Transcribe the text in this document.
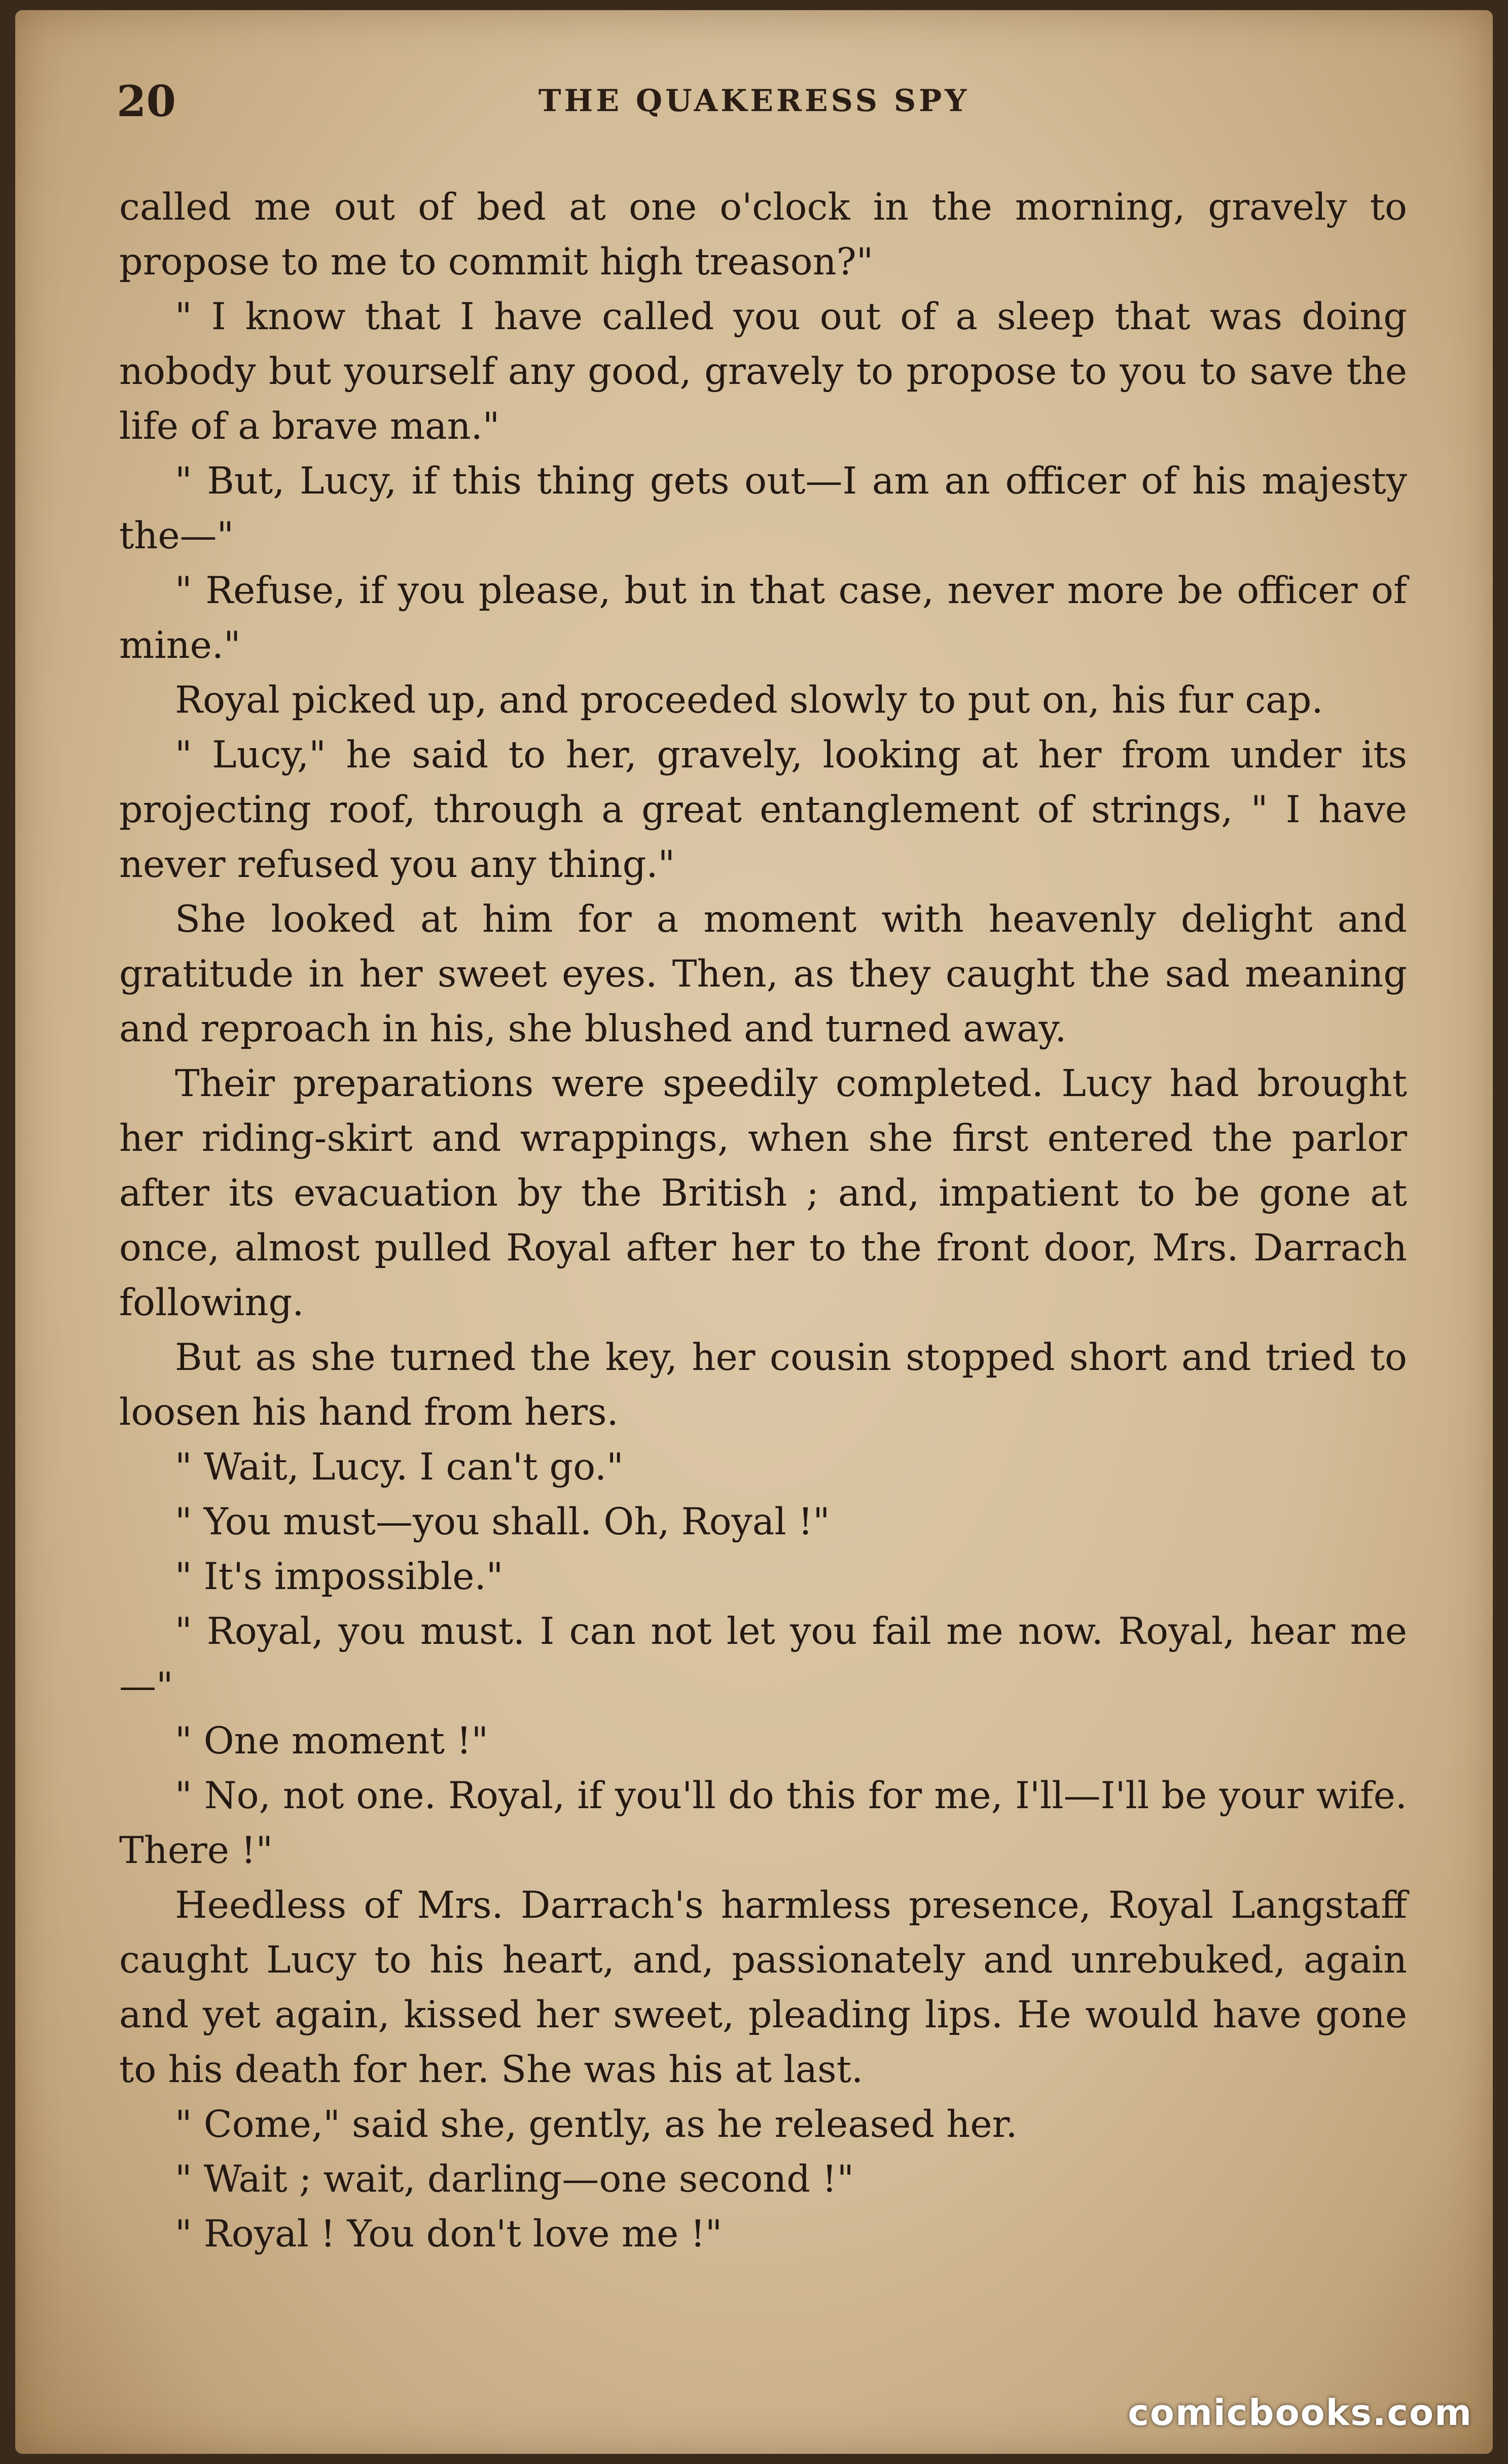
20	THE QUAKERESS SPY

called me out of bed at one o'clock in the morning, gravely to propose to me to commit high treason?"

" I know that I have called you out of a sleep that was doing nobody but yourself any good, gravely to propose to you to save the life of a brave man."

" But, Lucy, if this thing gets out—I am an officer of his majesty the—"

" Refuse, if you please, but in that case, never more be officer of mine."

Royal picked up, and proceeded slowly to put on, his fur cap.

" Lucy," he said to her, gravely, looking at her from under its projecting roof, through a great entanglement of strings, " I have never refused you any thing."

She looked at him for a moment with heavenly delight and gratitude in her sweet eyes. Then, as they caught the sad meaning and reproach in his, she blushed and turned away.

Their preparations were speedily completed. Lucy had brought her riding-skirt and wrappings, when she first entered the parlor after its evacuation by the British ; and, impatient to be gone at once, almost pulled Royal after her to the front door, Mrs. Darrach following.

But as she turned the key, her cousin stopped short and tried to loosen his hand from hers.

" Wait, Lucy. I can't go."

" You must—you shall. Oh, Royal !"

" It's impossible."

" Royal, you must. I can not let you fail me now. Royal, hear me—"

" One moment !"

" No, not one. Royal, if you'll do this for me, I'll—I'll be your wife. There !"

Heedless of Mrs. Darrach's harmless presence, Royal Langstaff caught Lucy to his heart, and, passionately and unrebuked, again and yet again, kissed her sweet, pleading lips. He would have gone to his death for her. She was his at last.

" Come," said she, gently, as he released her.

" Wait ; wait, darling—one second !"

" Royal ! You don't love me !"

comicbooks.com
